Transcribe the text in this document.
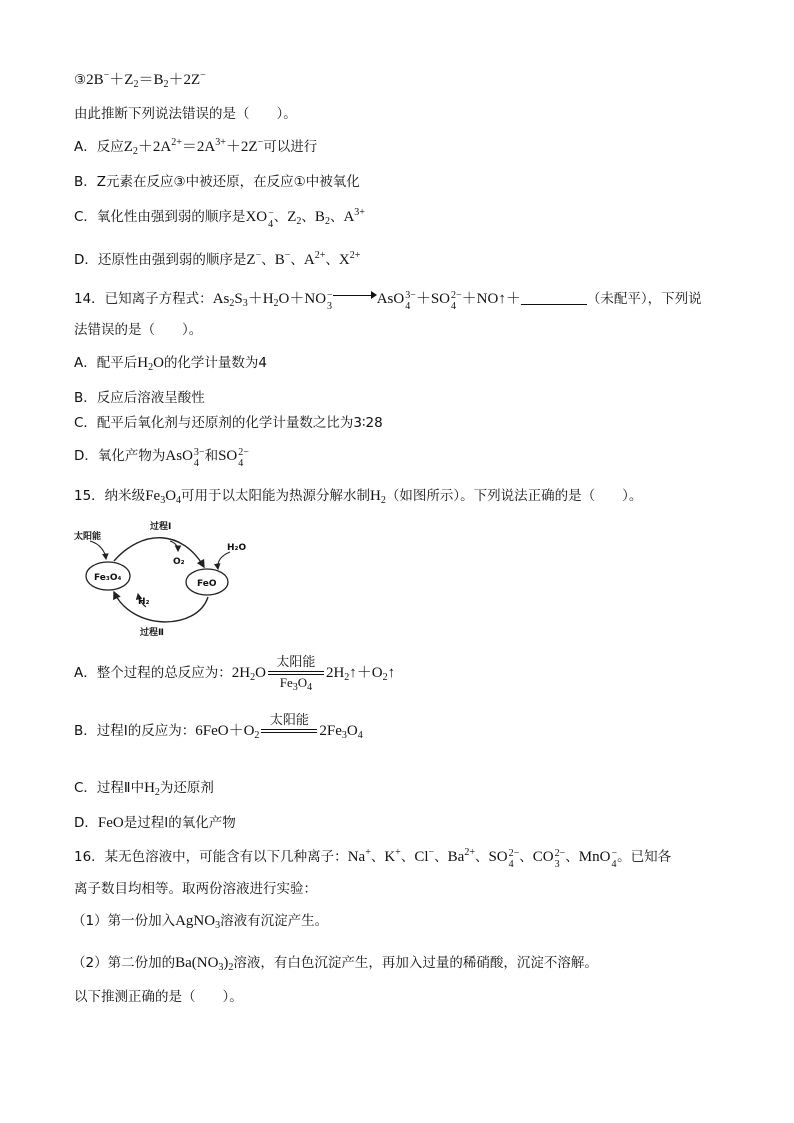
$③2B^-+Z_2=B_2+2Z^-$
由此推断下列说法错误的是（　　）。
A．反应$Z_2+2A^{2+}=2A^{3+}+2Z^-$可以进行
B．Z元素在反应③中被还原，在反应①中被氧化
C．氧化性由强到弱的顺序是XO −
4 、$Z_2$、$B_2$、$A^{3+}$
D．还原性由强到弱的顺序是Z−、B−、$A^{2+}$、$X^{2+}$
14．已知离子方程式：$As_2S_3+H_2O+NO$ −
3	AsO 3−
4 ＋SO 2−
4 ＋NO↑＋	（未配平），下列说
法错误的是（　　）。
A．配平后$H_2O$的化学计量数为4
B．反应后溶液呈酸性
C．配平后氧化剂与还原剂的化学计量数之比为3∶28
D．氧化产物为AsO 3−
4 和SO 2−
4
15．纳米级$Fe_3O_4$可用于以太阳能为热源分解水制$H_2$（如图所示）。下列说法正确的是（　　）。
太阳能
过程Ⅰ
O₂
H₂O
Fe₃O₄
FeO
H₂
过程Ⅱ
A．整个过程的总反应为：$2H_2O$
太阳能
$Fe_3O_4$
$2H_2↑+O_2↑$
B．过程Ⅰ的反应为：$6FeO+O_2$
太阳能
$2Fe_3O_4$
C．过程Ⅱ中$H_2$为还原剂
D．FeO是过程Ⅰ的氧化产物
16．某无色溶液中，可能含有以下几种离子：Na+、K+、Cl−、$Ba^{2+}$、SO 2−
4 、CO 2−
3 、MnO −
4 。已知各
离子数目均相等。取两份溶液进行实验：
（1）第一份加入AgNO$_3$溶液有沉淀产生。
（2）第二份加的$Ba(NO_3)_2$溶液，有白色沉淀产生，再加入过量的稀硝酸，沉淀不溶解。
以下推测正确的是（　　）。
